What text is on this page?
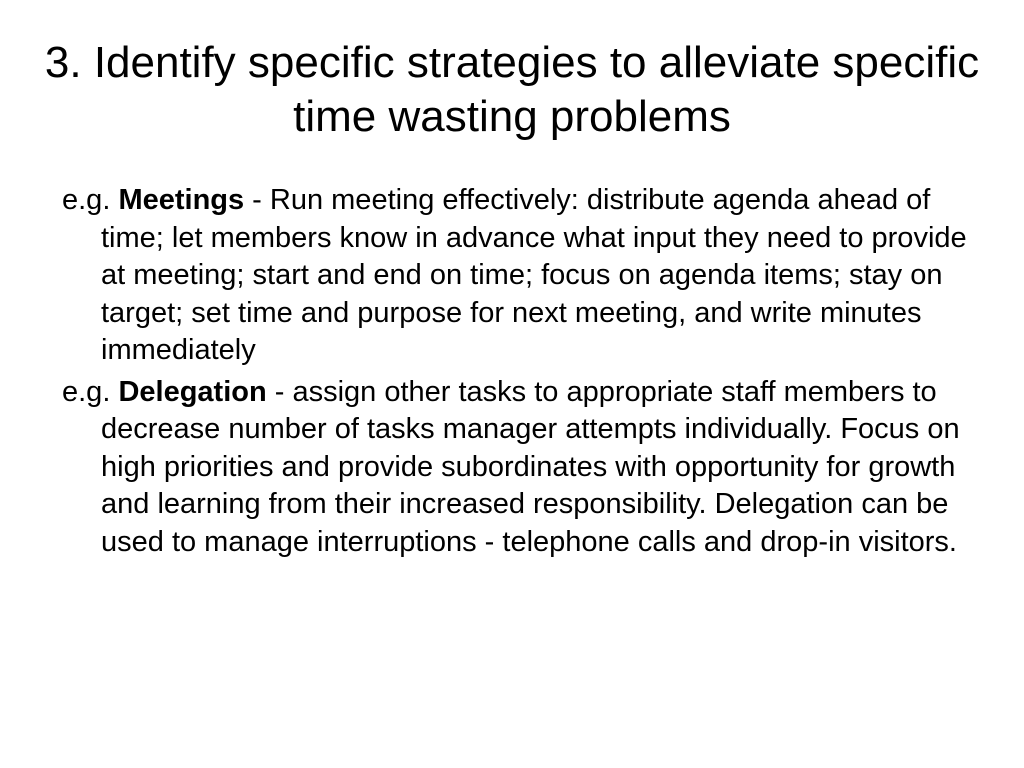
3. Identify specific strategies to alleviate specific time wasting problems

e.g. Meetings - Run meeting effectively: distribute agenda ahead of time; let members know in advance what input they need to provide at meeting; start and end on time; focus on agenda items; stay on target; set time and purpose for next meeting, and write minutes immediately

e.g. Delegation - assign other tasks to appropriate staff members to decrease number of tasks manager attempts individually. Focus on high priorities and provide subordinates with opportunity for growth and learning from their increased responsibility. Delegation can be used to manage interruptions - telephone calls and drop-in visitors.
